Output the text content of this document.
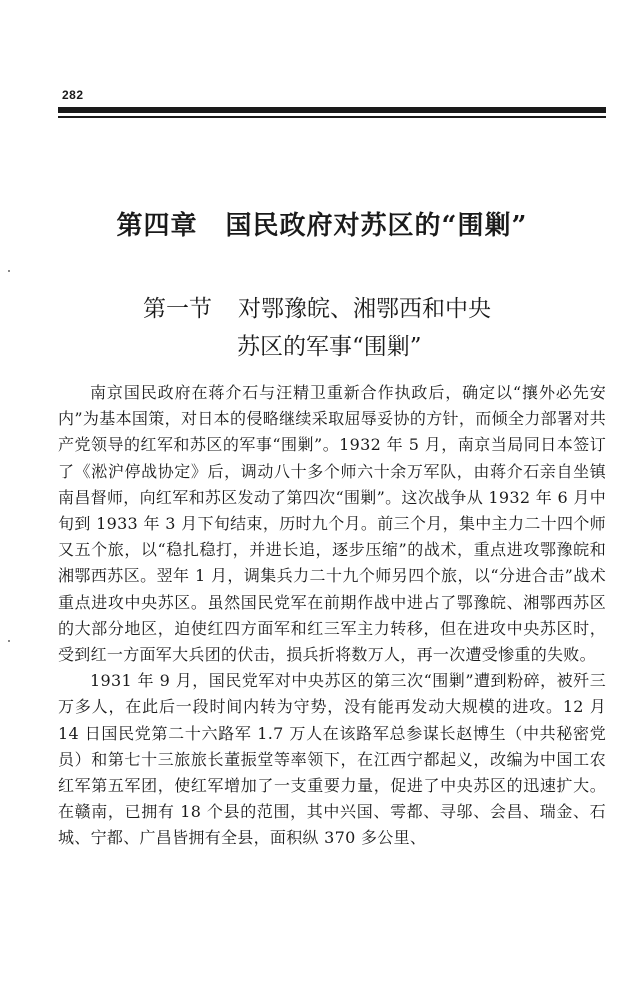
282
第四章 国民政府对苏区的“围剿”
第一节 对鄂豫皖、湘鄂西和中央
苏区的军事“围剿”

南京国民政府在蒋介石与汪精卫重新合作执政后，确定以“攘外必先安内”为基本国策，对日本的侵略继续采取屈辱妥协的方针，而倾全力部署对共产党领导的红军和苏区的军事“围剿”。1932 年 5 月，南京当局同日本签订了《淞沪停战协定》后，调动八十多个师六十余万军队，由蒋介石亲自坐镇南昌督师，向红军和苏区发动了第四次“围剿”。这次战争从 1932 年 6 月中旬到 1933 年 3 月下旬结束，历时九个月。前三个月，集中主力二十四个师又五个旅，以“稳扎稳打，并进长追，逐步压缩”的战术，重点进攻鄂豫皖和湘鄂西苏区。翌年 1 月，调集兵力二十九个师另四个旅，以“分进合击”战术重点进攻中央苏区。虽然国民党军在前期作战中进占了鄂豫皖、湘鄂西苏区的大部分地区，迫使红四方面军和红三军主力转移，但在进攻中央苏区时，受到红一方面军大兵团的伏击，损兵折将数万人，再一次遭受惨重的失败。

1931 年 9 月，国民党军对中央苏区的第三次“围剿”遭到粉碎，被歼三万多人，在此后一段时间内转为守势，没有能再发动大规模的进攻。12 月 14 日国民党第二十六路军 1.7 万人在该路军总参谋长赵博生（中共秘密党员）和第七十三旅旅长董振堂等率领下，在江西宁都起义，改编为中国工农红军第五军团，使红军增加了一支重要力量，促进了中央苏区的迅速扩大。在赣南，已拥有 18 个县的范围，其中兴国、雩都、寻邬、会昌、瑞金、石城、宁都、广昌皆拥有全县，面积纵 370 多公里、
